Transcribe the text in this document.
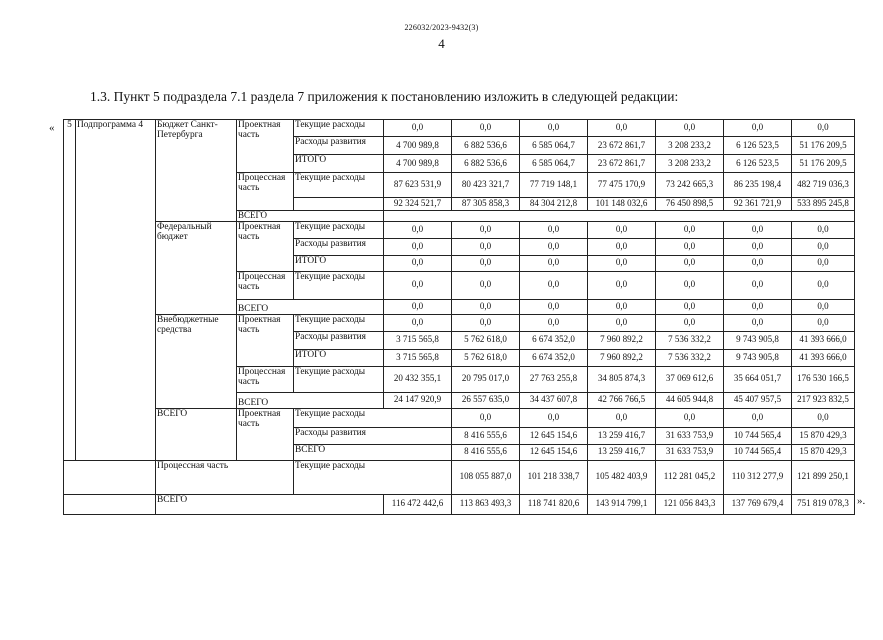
226032/2023-9432(3)
4
1.3. Пункт 5 подраздела 7.1 раздела 7 приложения к постановлению изложить в следующей редакции:
«
».
5	Подпрограмма 4	Бюджет Санкт-Петербурга	Проектная часть	Текущие расходы	0,0	0,0	0,0	0,0	0,0	0,0	0,0	
				Расходы развития	4 700 989,8	6 882 536,6	6 585 064,7	23 672 861,7	3 208 233,2	6 126 523,5	51 176 209,5	
				ИТОГО	4 700 989,8	6 882 536,6	6 585 064,7	23 672 861,7	3 208 233,2	6 126 523,5	51 176 209,5	
			Процессная часть	Текущие расходы	87 623 531,9	80 423 321,7	77 719 148,1	77 475 170,9	73 242 665,3	86 235 198,4	482 719 036,3	
					92 324 521,7	87 305 858,3	84 304 212,8	101 148 032,6	76 450 898,5	92 361 721,9	533 895 245,8	
			ВСЕГО									
		Федеральный бюджет	Проектная часть	Текущие расходы	0,0	0,0	0,0	0,0	0,0	0,0	0,0	
				Расходы развития	0,0	0,0	0,0	0,0	0,0	0,0	0,0	
				ИТОГО	0,0	0,0	0,0	0,0	0,0	0,0	0,0	
			Процессная часть	Текущие расходы	0,0	0,0	0,0	0,0	0,0	0,0	0,0	
			ВСЕГО		0,0	0,0	0,0	0,0	0,0	0,0	0,0	
		Внебюджетные средства	Проектная часть	Текущие расходы	0,0	0,0	0,0	0,0	0,0	0,0	0,0	
				Расходы развития	3 715 565,8	5 762 618,0	6 674 352,0	7 960 892,2	7 536 332,2	9 743 905,8	41 393 666,0	
				ИТОГО	3 715 565,8	5 762 618,0	6 674 352,0	7 960 892,2	7 536 332,2	9 743 905,8	41 393 666,0	
			Процессная часть	Текущие расходы	20 432 355,1	20 795 017,0	27 763 255,8	34 805 874,3	37 069 612,6	35 664 051,7	176 530 166,5	
			ВСЕГО		24 147 920,9	26 557 635,0	34 437 607,8	42 766 766,5	44 605 944,8	45 407 957,5	217 923 832,5	
		ВСЕГО	Проектная часть	Текущие расходы		0,0	0,0	0,0	0,0	0,0	0,0	
				Расходы развития		8 416 555,6	12 645 154,6	13 259 416,7	31 633 753,9	10 744 565,4	15 870 429,3	
				ВСЕГО		8 416 555,6	12 645 154,6	13 259 416,7	31 633 753,9	10 744 565,4	15 870 429,3	
		Процессная часть		Текущие расходы		108 055 887,0	101 218 338,7	105 482 403,9	112 281 045,2	110 312 277,9	121 899 250,1	
		ВСЕГО			116 472 442,6	113 863 493,3	118 741 820,6	143 914 799,1	121 056 843,3	137 769 679,4	751 819 078,3	
